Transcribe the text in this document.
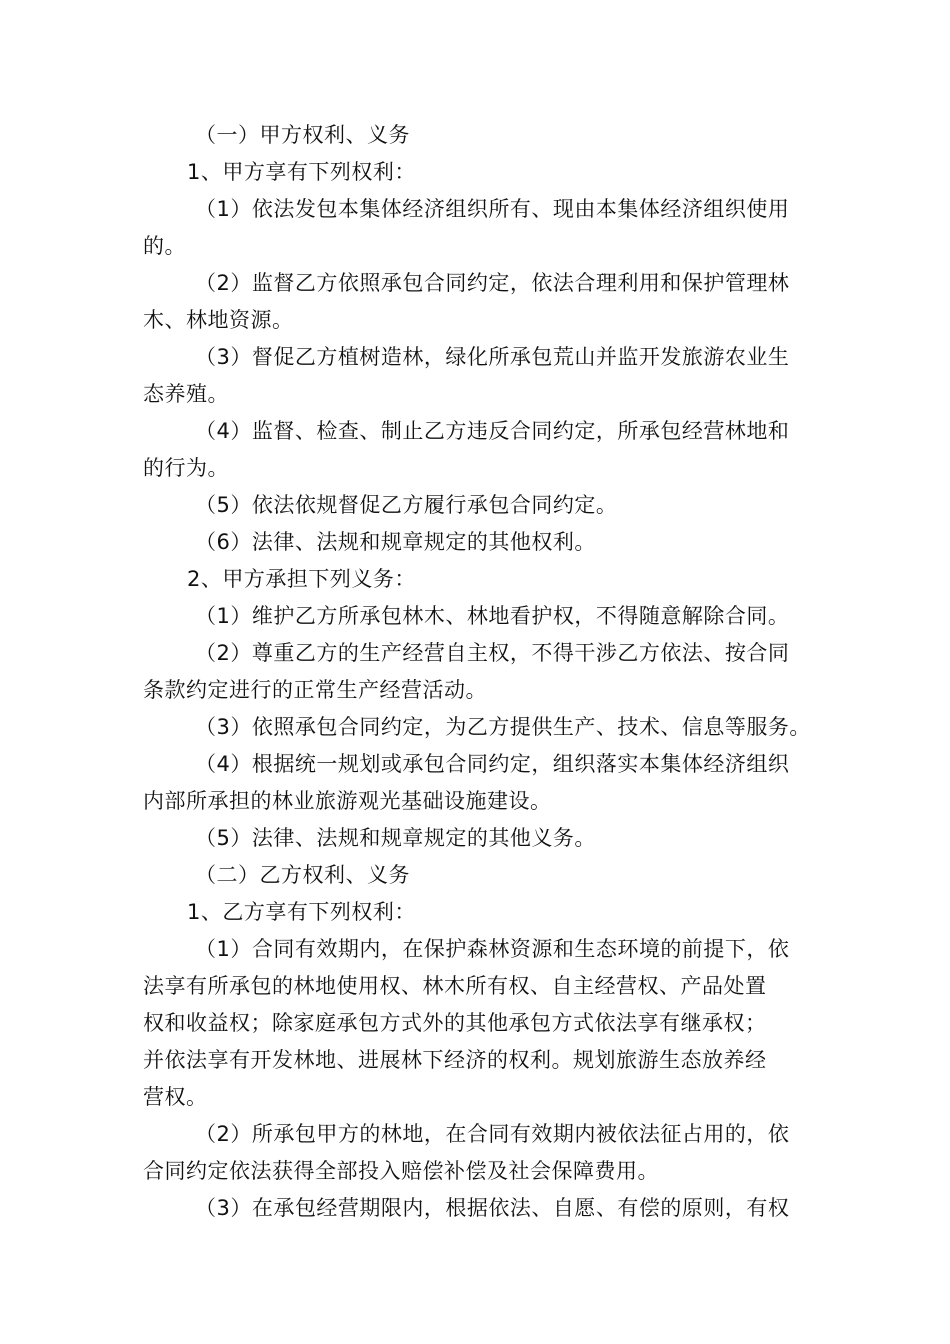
（一）甲方权利、义务
1、甲方享有下列权利：
（1）依法发包本集体经济组织所有、现由本集体经济组织使用
的。
（2）监督乙方依照承包合同约定，依法合理利用和保护管理林
木、林地资源。
（3）督促乙方植树造林，绿化所承包荒山并监开发旅游农业生
态养殖。
（4）监督、检查、制止乙方违反合同约定，所承包经营林地和
的行为。
（5）依法依规督促乙方履行承包合同约定。
（6）法律、法规和规章规定的其他权利。
2、甲方承担下列义务：
（1）维护乙方所承包林木、林地看护权，不得随意解除合同。
（2）尊重乙方的生产经营自主权，不得干涉乙方依法、按合同
条款约定进行的正常生产经营活动。
（3）依照承包合同约定，为乙方提供生产、技术、信息等服务。
（4）根据统一规划或承包合同约定，组织落实本集体经济组织
内部所承担的林业旅游观光基础设施建设。
（5）法律、法规和规章规定的其他义务。
（二）乙方权利、义务
1、乙方享有下列权利：
（1）合同有效期内，在保护森林资源和生态环境的前提下，依
法享有所承包的林地使用权、林木所有权、自主经营权、产品处置
权和收益权；除家庭承包方式外的其他承包方式依法享有继承权；
并依法享有开发林地、进展林下经济的权利。规划旅游生态放养经
营权。
（2）所承包甲方的林地，在合同有效期内被依法征占用的，依
合同约定依法获得全部投入赔偿补偿及社会保障费用。
（3）在承包经营期限内，根据依法、自愿、有偿的原则，有权
